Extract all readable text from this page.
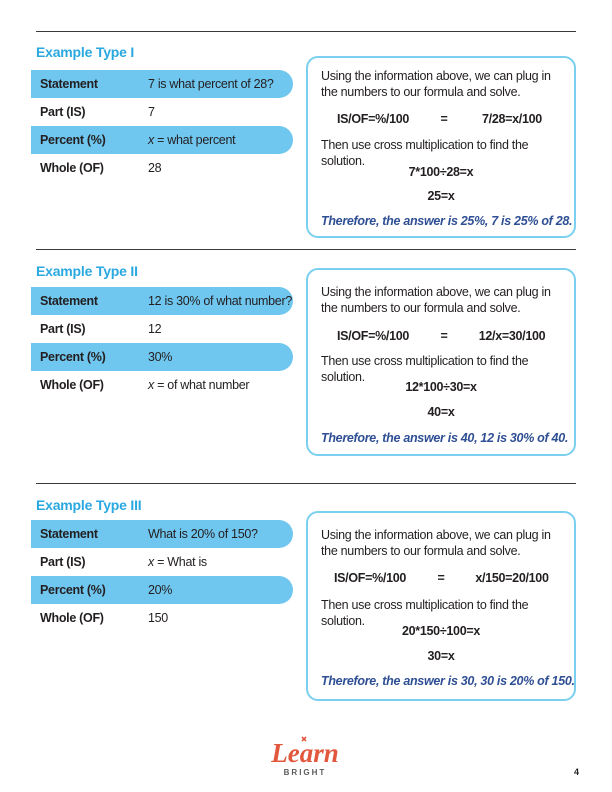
Example Type I
Statement	7 is what percent of 28?
Part (IS)	7
Percent (%)	x = what percent
Whole (OF)	28
Using the information above, we can plug in the numbers to our formula and solve.
IS/OF=%/100	=	7/28=x/100
Then use cross multiplication to find the solution.
7*100÷28=x
25=x
Therefore, the answer is 25%, 7 is 25% of 28.
Example Type II
Statement	12 is 30% of what number?
Part (IS)	12
Percent (%)	30%
Whole (OF)	x = of what number
Using the information above, we can plug in the numbers to our formula and solve.
IS/OF=%/100	=	12/x=30/100
Then use cross multiplication to find the solution.
12*100÷30=x
40=x
Therefore, the answer is 40, 12 is 30% of 40.
Example Type III
Statement	What is 20% of 150?
Part (IS)	x = What is
Percent (%)	20%
Whole (OF)	150
Using the information above, we can plug in the numbers to our formula and solve.
IS/OF=%/100	=	x/150=20/100
Then use cross multiplication to find the solution.
20*150÷100=x
30=x
Therefore, the answer is 30, 30 is 20% of 150.
Learn
BRIGHT	4
